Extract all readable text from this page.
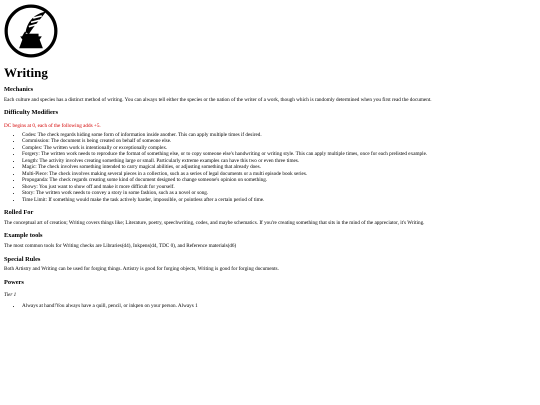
Writing
Mechanics

Each culture and species has a distinct method of writing. You can always tell either the species or the nation of the writer of a work, though which is randomly determined when you first read the document.

Difficulty Modifiers

DC begins at 0, each of the following adds +5.

• Codes: The check regards hiding some form of information inside another. This can apply multiple times if desired.
• Commission: The document is being created on behalf of someone else.
• Complex: The written work is intentionally or exceptionally complex.
• Forgery: The written work needs to reproduce the format of something else, or to copy someone else's handwriting or writing style. This can apply multiple times, once for each prelisted example.
• Length: The activity involves creating something large or small. Particularly extreme examples can have this two or even three times.
• Magic: The check involves something intended to carry magical abilities, or adjusting something that already does.
• Multi-Piece: The check involves making several pieces in a collection, such as a series of legal documents or a multi episode book series.
• Propoganda: The check regards creating some kind of document designed to change someone's opinion on something.
• Showy: You just want to show off and make it more difficult for yourself.
• Story: The written work needs to convey a story in some fashion, such as a novel or song.
• Time Limit: If something would make the task actively harder, impossible, or pointless after a certain period of time.
Rolled For

The conceptual art of creation; Writing covers things like; Literature, poetry, speechwriting, codes, and maybe schematics. If you're creating something that sits in the mind of the appreciator, it's Writing.

Example tools

The most common tools for Writing checks are Libraries(d4), Inkpens(d4, TDC 0), and Reference materials(d6)

Special Rules

Both Artistry and Writing can be used for forging things. Artistry is good for forging objects, Writing is good for forging documents.

Powers

Tier 1

• Always at hand!You always have a quill, pencil, or inkpen on your person. Always 1
